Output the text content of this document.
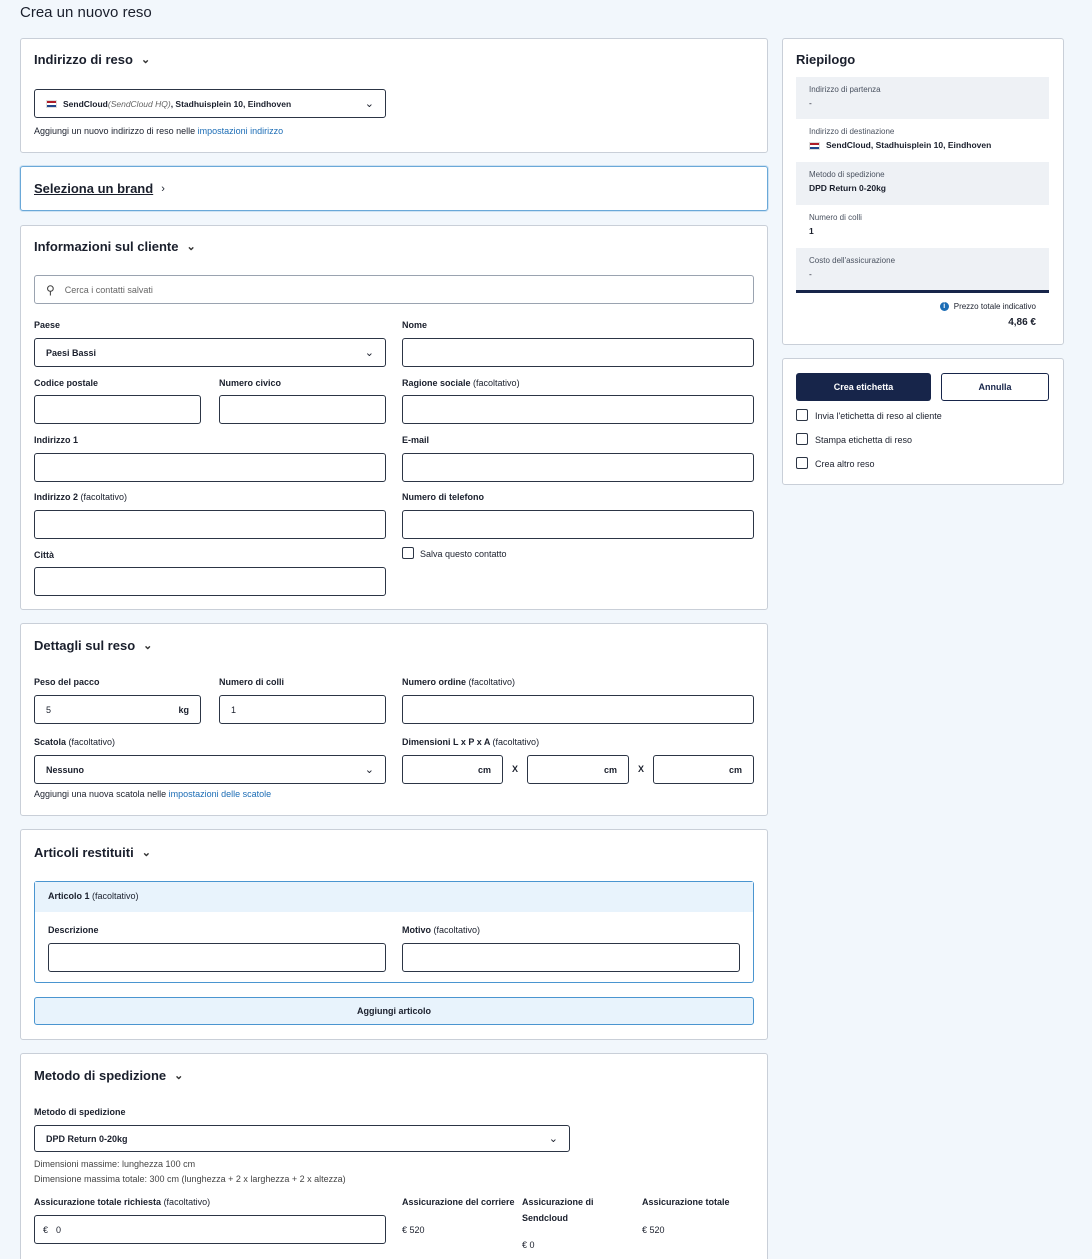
Crea un nuovo reso
Indirizzo di reso ⌄
SendCloud(SendCloud HQ), Stadhuisplein 10, Eindhoven	⌄
Aggiungi un nuovo indirizzo di reso nelle impostazioni indirizzo
Seleziona un brand ›
Informazioni sul cliente ⌄
⚲ Cerca i contatti salvati
Paese
Paesi Bassi	⌄
Nome
Codice postale	Numero civico	Ragione sociale (facoltativo)
Indirizzo 1	E-mail
Indirizzo 2 (facoltativo)	Numero di telefono
Città	Salva questo contatto
Dettagli sul reso ⌄
Peso del pacco
5	kg
Numero di colli
1
Numero ordine (facoltativo)
Scatola (facoltativo)
Nessuno	⌄
Dimensioni L x P x A (facoltativo)
cm X	cm X	cm
Aggiungi una nuova scatola nelle impostazioni delle scatole
Articoli restituiti ⌄
Articolo 1 (facoltativo)
Descrizione	Motivo (facoltativo)
Aggiungi articolo
Metodo di spedizione ⌄
Metodo di spedizione
DPD Return 0-20kg	⌄
Dimensioni massime: lunghezza 100 cm
Dimensione massima totale: 300 cm (lunghezza + 2 x larghezza + 2 x altezza)
Assicurazione totale richiesta (facoltativo)
€ 0
Assicurazione del corriere
€ 520
Assicurazione di
Sendcloud
€ 0
Assicurazione totale
€ 520
Riepilogo
Indirizzo di partenza
-
Indirizzo di destinazione
SendCloud, Stadhuisplein 10, Eindhoven
Metodo di spedizione
DPD Return 0-20kg
Numero di colli
1
Costo dell'assicurazione
-
i	Prezzo totale indicativo
4,86 €
Crea etichetta	Annulla
Invia l'etichetta di reso al cliente
Stampa etichetta di reso
Crea altro reso
